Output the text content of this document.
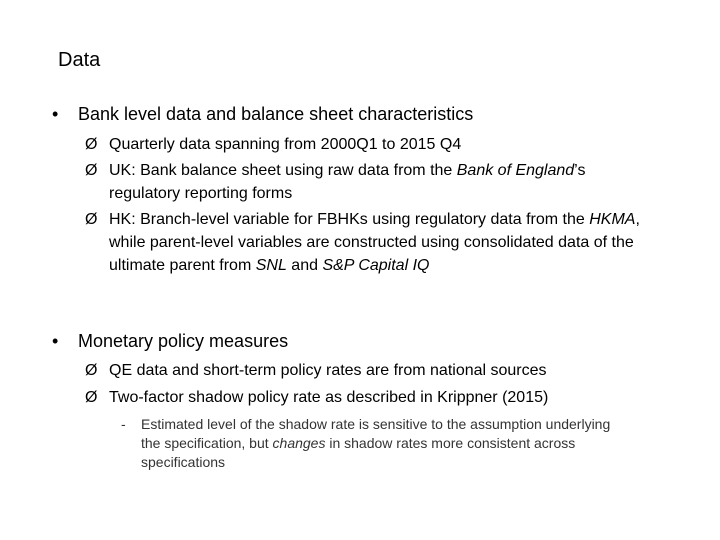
Data
• Bank level data and balance sheet characteristics
Ø Quarterly data spanning from 2000Q1 to 2015 Q4
Ø UK: Bank balance sheet using raw data from the Bank of England’s regulatory reporting forms
Ø HK: Branch-level variable for FBHKs using regulatory data from the HKMA, while parent-level variables are constructed using consolidated data of the ultimate parent from SNL and S&P Capital IQ
• Monetary policy measures
Ø QE data and short-term policy rates are from national sources
Ø Two-factor shadow policy rate as described in Krippner (2015)
- Estimated level of the shadow rate is sensitive to the assumption underlying the specification, but changes in shadow rates more consistent across specifications
